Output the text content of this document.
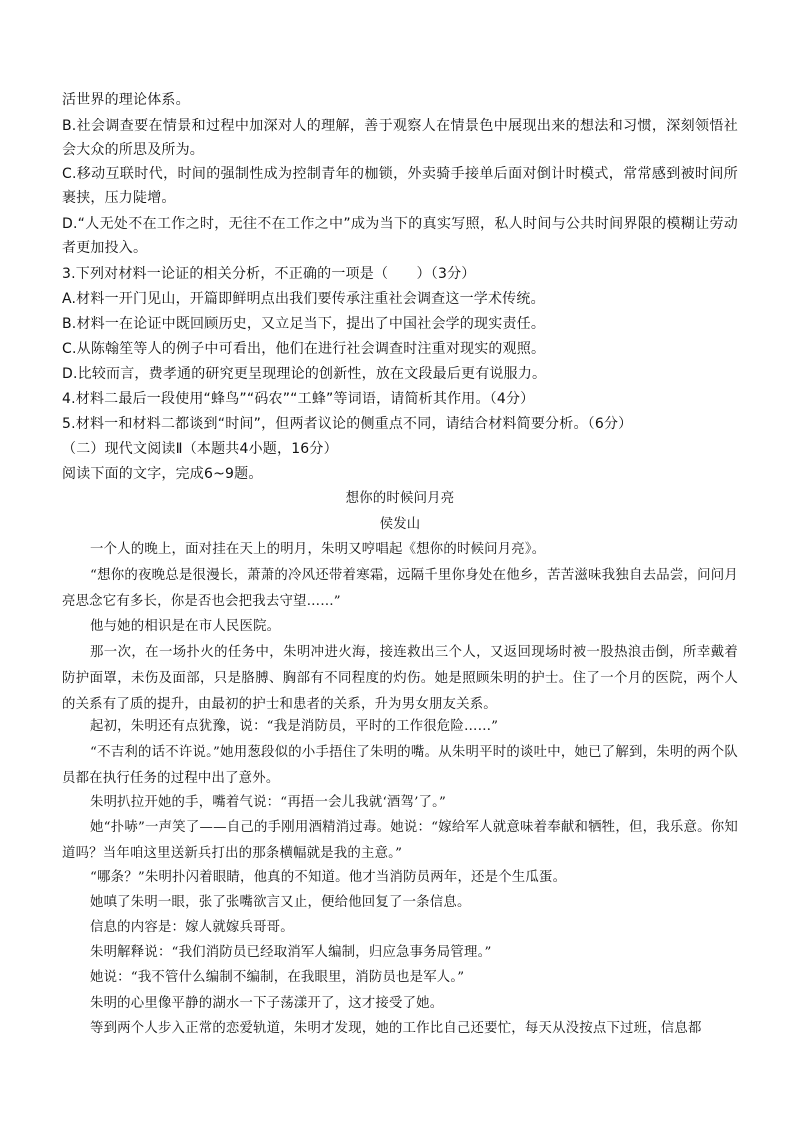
活世界的理论体系。
B.社会调查要在情景和过程中加深对人的理解，善于观察人在情景色中展现出来的想法和习惯，深刻领悟社会大众的所思及所为。
C.移动互联时代，时间的强制性成为控制青年的枷锁，外卖骑手接单后面对倒计时模式，常常感到被时间所裹挟，压力陡增。
D.“人无处不在工作之时，无往不在工作之中”成为当下的真实写照，私人时间与公共时间界限的模糊让劳动者更加投入。
3.下列对材料一论证的相关分析，不正确的一项是（　　）（3分）
A.材料一开门见山，开篇即鲜明点出我们要传承注重社会调查这一学术传统。
B.材料一在论证中既回顾历史，又立足当下，提出了中国社会学的现实责任。
C.从陈翰笙等人的例子中可看出，他们在进行社会调查时注重对现实的观照。
D.比较而言，费孝通的研究更呈现理论的创新性，放在文段最后更有说服力。
4.材料二最后一段使用“蜂鸟”“码农”“工蜂”等词语，请简析其作用。（4分）
5.材料一和材料二都谈到“时间”，但两者议论的侧重点不同，请结合材料简要分析。（6分）
（二）现代文阅读Ⅱ（本题共4小题，16分）
阅读下面的文字，完成6~9题。
想你的时候问月亮
侯发山
一个人的晚上，面对挂在天上的明月，朱明又哼唱起《想你的时候问月亮》。
“想你的夜晚总是很漫长，萧萧的冷风还带着寒霜，远隔千里你身处在他乡，苦苦滋味我独自去品尝，问问月亮思念它有多长，你是否也会把我去守望……”
他与她的相识是在市人民医院。
那一次，在一场扑火的任务中，朱明冲进火海，接连救出三个人，又返回现场时被一股热浪击倒，所幸戴着防护面罩，未伤及面部，只是胳膊、胸部有不同程度的灼伤。她是照顾朱明的护士。住了一个月的医院，两个人的关系有了质的提升，由最初的护士和患者的关系，升为男女朋友关系。
起初，朱明还有点犹豫，说：“我是消防员，平时的工作很危险……”
“不吉利的话不许说。”她用葱段似的小手捂住了朱明的嘴。从朱明平时的谈吐中，她已了解到，朱明的两个队员都在执行任务的过程中出了意外。
朱明扒拉开她的手，嘴着气说：“再捂一会儿我就‘酒驾’了。”
她“扑哧”一声笑了——自己的手刚用酒精消过毒。她说：“嫁给军人就意味着奉献和牺牲，但，我乐意。你知道吗？当年咱这里送新兵打出的那条横幅就是我的主意。”
“哪条？”朱明扑闪着眼睛，他真的不知道。他才当消防员两年，还是个生瓜蛋。
她嗔了朱明一眼，张了张嘴欲言又止，便给他回复了一条信息。
信息的内容是：嫁人就嫁兵哥哥。
朱明解释说：“我们消防员已经取消军人编制，归应急事务局管理。”
她说：“我不管什么编制不编制，在我眼里，消防员也是军人。”
朱明的心里像平静的湖水一下子荡漾开了，这才接受了她。
等到两个人步入正常的恋爱轨道，朱明才发现，她的工作比自己还要忙，每天从没按点下过班，信息都
